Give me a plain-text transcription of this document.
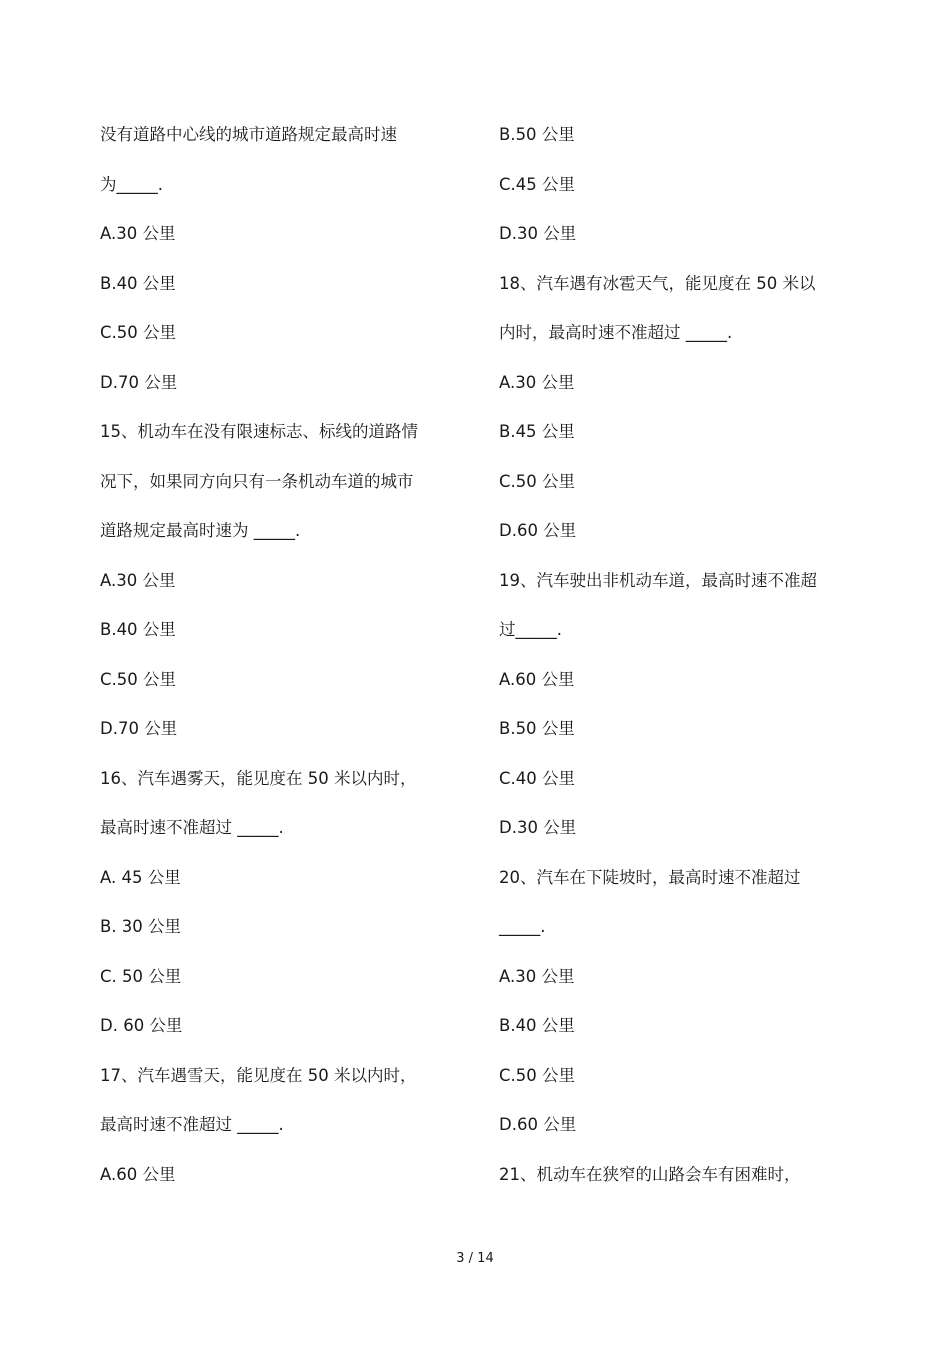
没有道路中心线的城市道路规定最高时速
为_____.
A.30 公里
B.40 公里
C.50 公里
D.70 公里
15、机动车在没有限速标志、标线的道路情
况下，如果同方向只有一条机动车道的城市
道路规定最高时速为 _____.
A.30 公里
B.40 公里
C.50 公里
D.70 公里
16、汽车遇雾天，能见度在 50 米以内时，
最高时速不准超过 _____.
A. 45 公里
B. 30 公里
C. 50 公里
D. 60 公里
17、汽车遇雪天，能见度在 50 米以内时，
最高时速不准超过 _____.
A.60 公里
B.50 公里
C.45 公里
D.30 公里
18、汽车遇有冰雹天气，能见度在 50 米以
内时，最高时速不准超过 _____.
A.30 公里
B.45 公里
C.50 公里
D.60 公里
19、汽车驶出非机动车道，最高时速不准超
过_____.
A.60 公里
B.50 公里
C.40 公里
D.30 公里
20、汽车在下陡坡时，最高时速不准超过
_____.
A.30 公里
B.40 公里
C.50 公里
D.60 公里
21、机动车在狭窄的山路会车有困难时，
3 / 14
